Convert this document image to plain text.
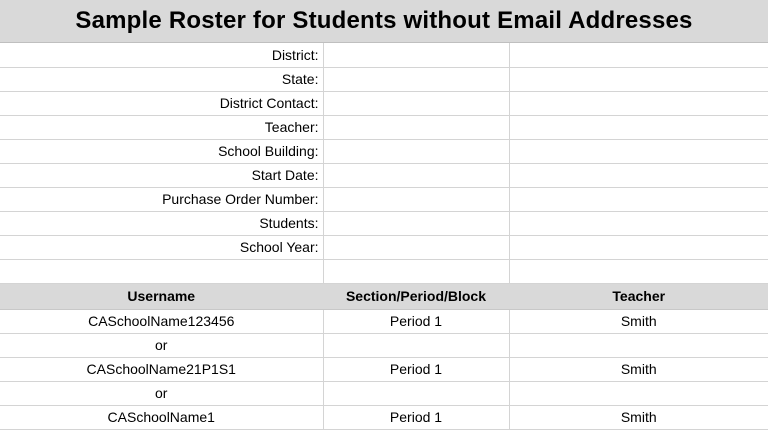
Sample Roster for Students without Email Addresses
District:		
State:		
District Contact:		
Teacher:		
School Building:		
Start Date:		
Purchase Order Number:		
Students:		
School Year:		

Username	Section/Period/Block	Teacher
CASchoolName123456	Period 1	Smith
or		
CASchoolName21P1S1	Period 1	Smith
or		
CASchoolName1	Period 1	Smith
